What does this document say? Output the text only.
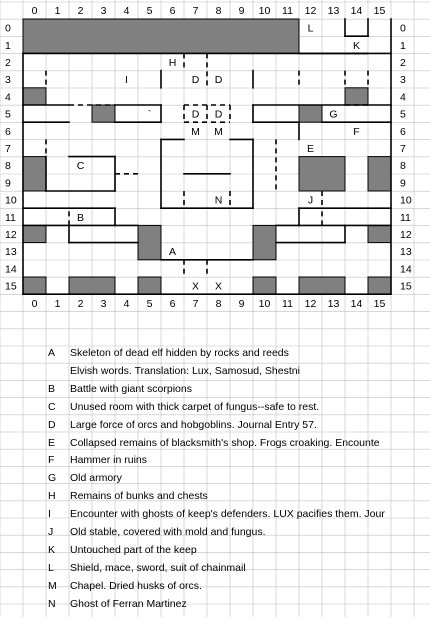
0
0
1
1
2
2
3
3
4
4
5
5
6
6
7
7
8
8
9
9
10
10
11
11
12
12
13
13
14
14
15
15
0	0
1	1
2	2
3	3
4	4
5	5
6	6
7	7
8	8
9	9
10	10
11	11
12	12
13	13
14	14
15	15
L
K
H
I	D D
`	D D	G
M M	F
E
C
N	J
B
A
X X
A	Skeleton of dead elf hidden by rocks and reeds
Elvish words. Translation: Lux, Samosud, Shestni
B	Battle with giant scorpions
C	Unused room with thick carpet of fungus--safe to rest.
D	Large force of orcs and hobgoblins. Journal Entry 57.
E	Collapsed remains of blacksmith's shop. Frogs croaking. Encounte
F	Hammer in ruins
G	Old armory
H	Remains of bunks and chests
I	Encounter with ghosts of keep's defenders. LUX pacifies them. Jour
J	Old stable, covered with mold and fungus.
K	Untouched part of the keep
L	Shield, mace, sword, suit of chainmail
M	Chapel. Dried husks of orcs.
N	Ghost of Ferran Martinez
